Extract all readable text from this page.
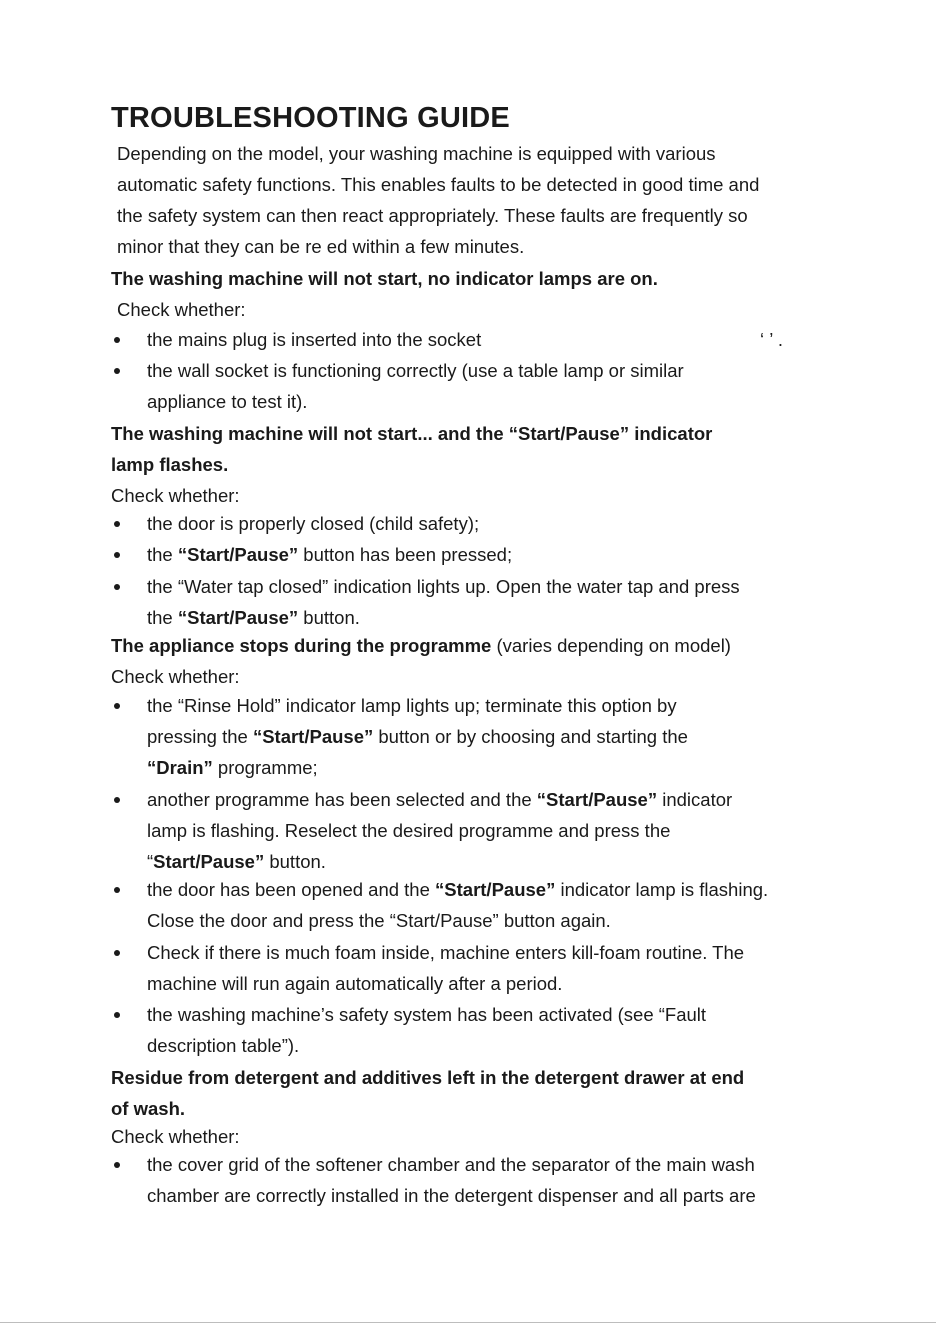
TROUBLESHOOTING GUIDE
Depending on the model, your washing machine is equipped with various
automatic safety functions. This enables faults to be detected in good time and
the safety system can then react appropriately. These faults are frequently so
minor that they can be re ed within a few minutes.
The washing machine will not start, no indicator lamps are on.
Check whether:
the mains plug is inserted into the socket	‘ ’ .
the wall socket is functioning correctly (use a table lamp or similar
appliance to test it).
The washing machine will not start... and the “Start/Pause” indicator
lamp flashes.
Check whether:
the door is properly closed (child safety);
the “Start/Pause” button has been pressed;
the “Water tap closed” indication lights up. Open the water tap and press
the “Start/Pause” button.
The appliance stops during the programme (varies depending on model)
Check whether:
the “Rinse Hold” indicator lamp lights up; terminate this option by
pressing the “Start/Pause” button or by choosing and starting the
“Drain” programme;
another programme has been selected and the “Start/Pause” indicator
lamp is flashing. Reselect the desired programme and press the
“Start/Pause” button.
the door has been opened and the “Start/Pause” indicator lamp is flashing.
Close the door and press the “Start/Pause” button again.
Check if there is much foam inside, machine enters kill-foam routine. The
machine will run again automatically after a period.
the washing machine’s safety system has been activated (see “Fault
description table”).
Residue from detergent and additives left in the detergent drawer at end
of wash.
Check whether:
the cover grid of the softener chamber and the separator of the main wash
chamber are correctly installed in the detergent dispenser and all parts are
